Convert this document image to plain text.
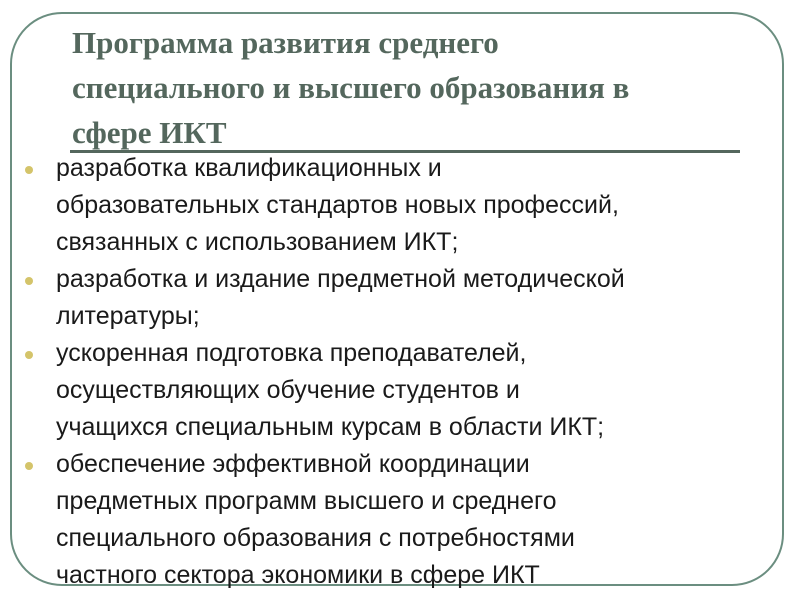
Программа развития среднего
специального и высшего образования в
сфере ИКТ
разработка квалификационных и
образовательных стандартов новых профессий,
связанных с использованием ИКТ;
разработка и издание предметной методической
литературы;
ускоренная подготовка преподавателей,
осуществляющих обучение студентов и
учащихся специальным курсам в области ИКТ;
обеспечение эффективной координации
предметных программ высшего и среднего
специального образования с потребностями
частного сектора экономики в сфере ИКТ
